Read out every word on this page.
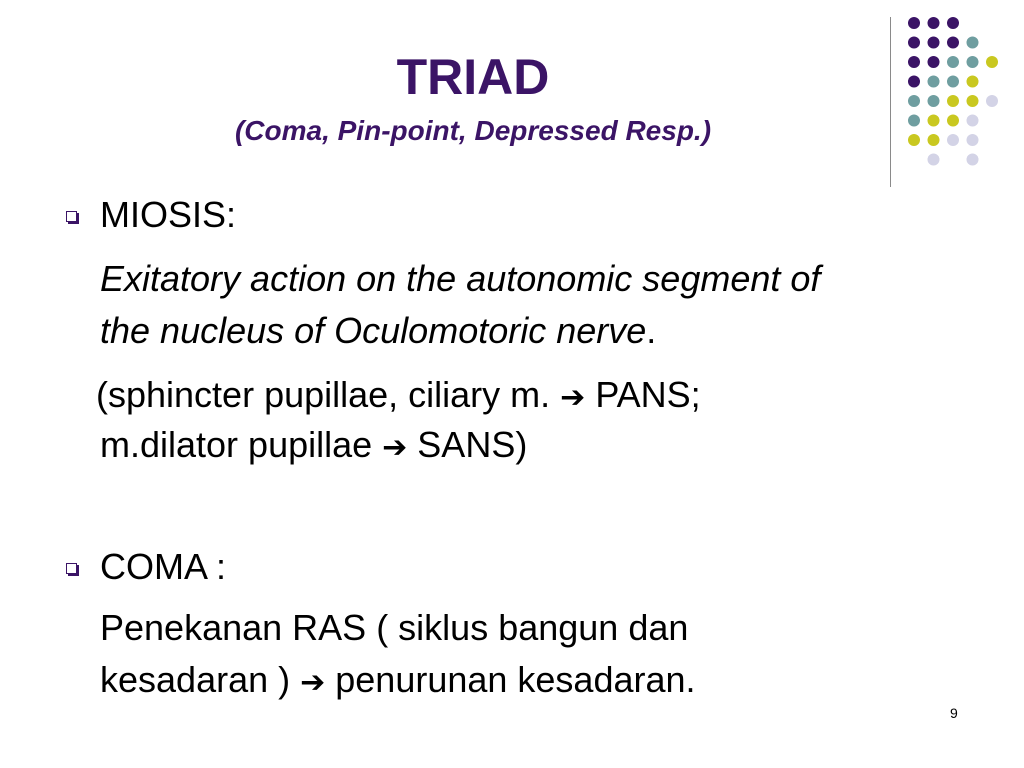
TRIAD
(Coma, Pin-point, Depressed Resp.)
MIOSIS:
Exitatory action on the autonomic segment of
the nucleus of Oculomotoric nerve.
(sphincter pupillae, ciliary m. ➔ PANS;
m.dilator pupillae ➔ SANS)
COMA :
Penekanan RAS ( siklus bangun dan
kesadaran ) ➔ penurunan kesadaran.
9
